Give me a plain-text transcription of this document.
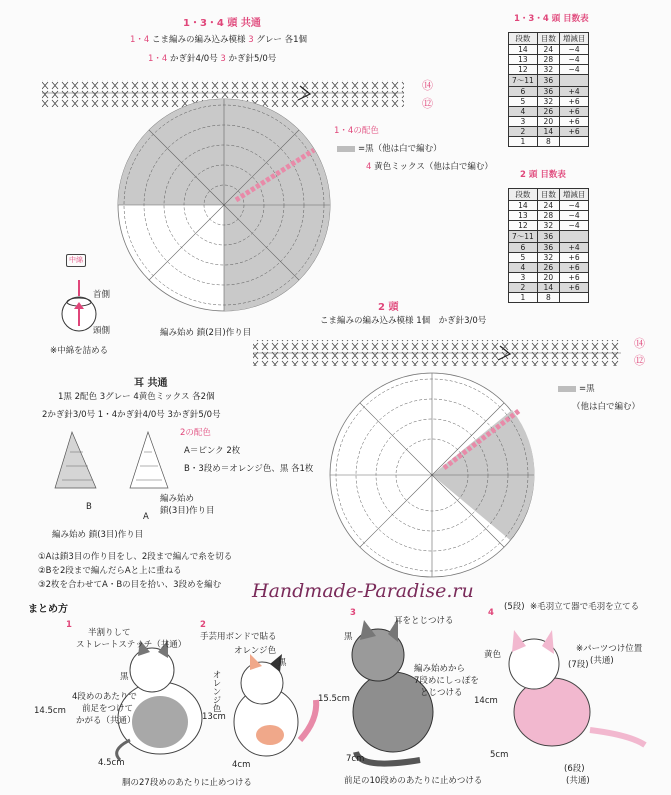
1・3・4 頭 共通
1・4 こま編みの編み込み模様 3 グレー 各1個
1・4 かぎ針4/0号 3 かぎ針5/0号
⑭
⑫
1・4の配色
=黒（他は白で編む）
4 黄色ミックス（他は白で編む）
編み始め 鎖(2目)作り目
1・3・4 頭 目数表
段数	目数	増減目
14	24	−4
13	28	−4
12	32	−4
7〜11	36	
6	36	+4
5	32	+6
4	26	+6
3	20	+6
2	14	+6
1	8	
2 頭 目数表
段数	目数	増減目
14	24	−4
13	28	−4
12	32	−4
7〜11	36	
6	36	+4
5	32	+6
4	26	+6
3	20	+6
2	14	+6
1	8	
中綿
首側
頭側
※中綿を詰める
2 頭
こま編みの編み込み模様 1個　かぎ針3/0号
⑭
⑫
=黒
（他は白で編む）
耳 共通
1黒 2配色 3グレー 4黄色ミックス 各2個
2かぎ針3/0号 1・4かぎ針4/0号 3かぎ針5/0号
2の配色
A＝ピンク 2枚
B・3段め＝オレンジ色、黒 各1枚
A
B
編み始め
鎖(3目)作り目
編み始め 鎖(3目)作り目
①Aは鎖3目の作り目をし、2段まで編んで糸を切る
②Bを2段まで編んだらAと上に重ねる
③2枚を合わせてA・Bの目を拾い、3段めを編む Handmade-Paradise.ru
まとめ方
1
半割りして
ストレートステッチ（共通）
黒
4段めのあたりで
前足をつけて
かがる（共通）
14.5cm
4.5cm
胴の27段めのあたりに止めつける
2
手芸用ボンドで貼る
オレンジ色
黒
オレンジ色
13cm
4cm
3
耳をとじつける
黒
編み始めから
7段めにしっぽを
とじつける
15.5cm
7cm
前足の10段めのあたりに止めつける
4
(5段) ※毛羽立て器で毛羽を立てる
黄色
(7段)
※パーツつけ位置
(共通)
14cm
5cm
(6段)
(共通)
